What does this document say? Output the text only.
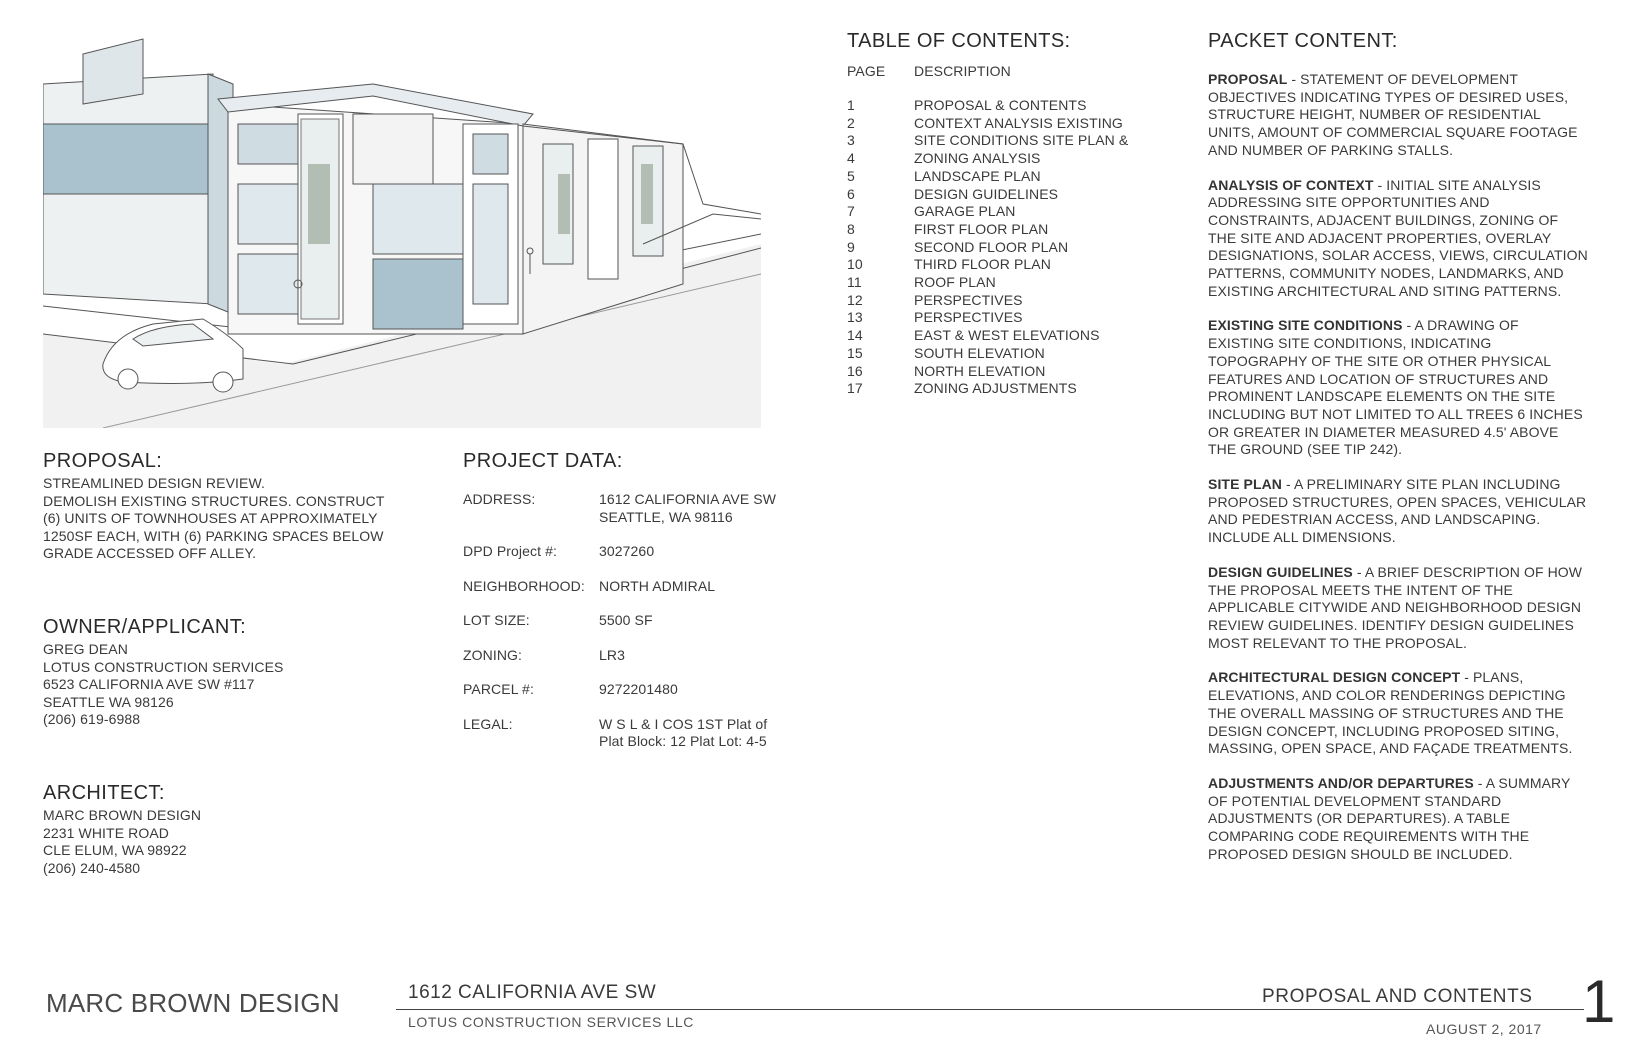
TABLE OF CONTENTS:
PAGE	DESCRIPTION
1	PROPOSAL & CONTENTS
2	CONTEXT ANALYSIS EXISTING
3	SITE CONDITIONS SITE PLAN &
4	ZONING ANALYSIS
5	LANDSCAPE PLAN
6	DESIGN GUIDELINES
7	GARAGE PLAN
8	FIRST FLOOR PLAN
9	SECOND FLOOR PLAN
10	THIRD FLOOR PLAN
11	ROOF PLAN
12	PERSPECTIVES
13	PERSPECTIVES
14	EAST & WEST ELEVATIONS
15	SOUTH ELEVATION
16	NORTH ELEVATION
17	ZONING ADJUSTMENTS
PACKET CONTENT:
PROPOSAL - STATEMENT OF DEVELOPMENT OBJECTIVES INDICATING TYPES OF DESIRED USES, STRUCTURE HEIGHT, NUMBER OF RESIDENTIAL UNITS, AMOUNT OF COMMERCIAL SQUARE FOOTAGE AND NUMBER OF PARKING STALLS.
ANALYSIS OF CONTEXT - INITIAL SITE ANALYSIS ADDRESSING SITE OPPORTUNITIES AND CONSTRAINTS, ADJACENT BUILDINGS, ZONING OF THE SITE AND ADJACENT PROPERTIES, OVERLAY DESIGNATIONS, SOLAR ACCESS, VIEWS, CIRCULATION PATTERNS, COMMUNITY NODES, LANDMARKS, AND EXISTING ARCHITECTURAL AND SITING PATTERNS.
EXISTING SITE CONDITIONS - A DRAWING OF EXISTING SITE CONDITIONS, INDICATING TOPOGRAPHY OF THE SITE OR OTHER PHYSICAL FEATURES AND LOCATION OF STRUCTURES AND PROMINENT LANDSCAPE ELEMENTS ON THE SITE INCLUDING BUT NOT LIMITED TO ALL TREES 6 INCHES OR GREATER IN DIAMETER MEASURED 4.5' ABOVE THE GROUND (SEE TIP 242).
SITE PLAN - A PRELIMINARY SITE PLAN INCLUDING PROPOSED STRUCTURES, OPEN SPACES, VEHICULAR AND PEDESTRIAN ACCESS, AND LANDSCAPING. INCLUDE ALL DIMENSIONS.
DESIGN GUIDELINES - A BRIEF DESCRIPTION OF HOW THE PROPOSAL MEETS THE INTENT OF THE APPLICABLE CITYWIDE AND NEIGHBORHOOD DESIGN REVIEW GUIDELINES. IDENTIFY DESIGN GUIDELINES MOST RELEVANT TO THE PROPOSAL.
ARCHITECTURAL DESIGN CONCEPT - PLANS, ELEVATIONS, AND COLOR RENDERINGS DEPICTING THE OVERALL MASSING OF STRUCTURES AND THE DESIGN CONCEPT, INCLUDING PROPOSED SITING, MASSING, OPEN SPACE, AND FAÇADE TREATMENTS.
ADJUSTMENTS AND/OR DEPARTURES - A SUMMARY OF POTENTIAL DEVELOPMENT STANDARD ADJUSTMENTS (OR DEPARTURES). A TABLE COMPARING CODE REQUIREMENTS WITH THE PROPOSED DESIGN SHOULD BE INCLUDED.
PROPOSAL:
STREAMLINED DESIGN REVIEW.
DEMOLISH EXISTING STRUCTURES. CONSTRUCT
(6) UNITS OF TOWNHOUSES AT APPROXIMATELY
1250SF EACH, WITH (6) PARKING SPACES BELOW
GRADE ACCESSED OFF ALLEY.
OWNER/APPLICANT:
GREG DEAN
LOTUS CONSTRUCTION SERVICES
6523 CALIFORNIA AVE SW #117
SEATTLE WA 98126
(206) 619-6988
ARCHITECT:
MARC BROWN DESIGN
2231 WHITE ROAD
CLE ELUM, WA 98922
(206) 240-4580
PROJECT DATA:
ADDRESS:	1612 CALIFORNIA AVE SW
SEATTLE, WA 98116
DPD Project #:	3027260
NEIGHBORHOOD:	NORTH ADMIRAL
LOT SIZE:	5500 SF
ZONING:	LR3
PARCEL #:	9272201480
LEGAL:	W S L & I COS 1ST Plat of
Plat Block: 12 Plat Lot: 4-5
MARC BROWN DESIGN	1612 CALIFORNIA AVE SW
LOTUS CONSTRUCTION SERVICES LLC
PROPOSAL AND CONTENTS
AUGUST 2, 2017 1
